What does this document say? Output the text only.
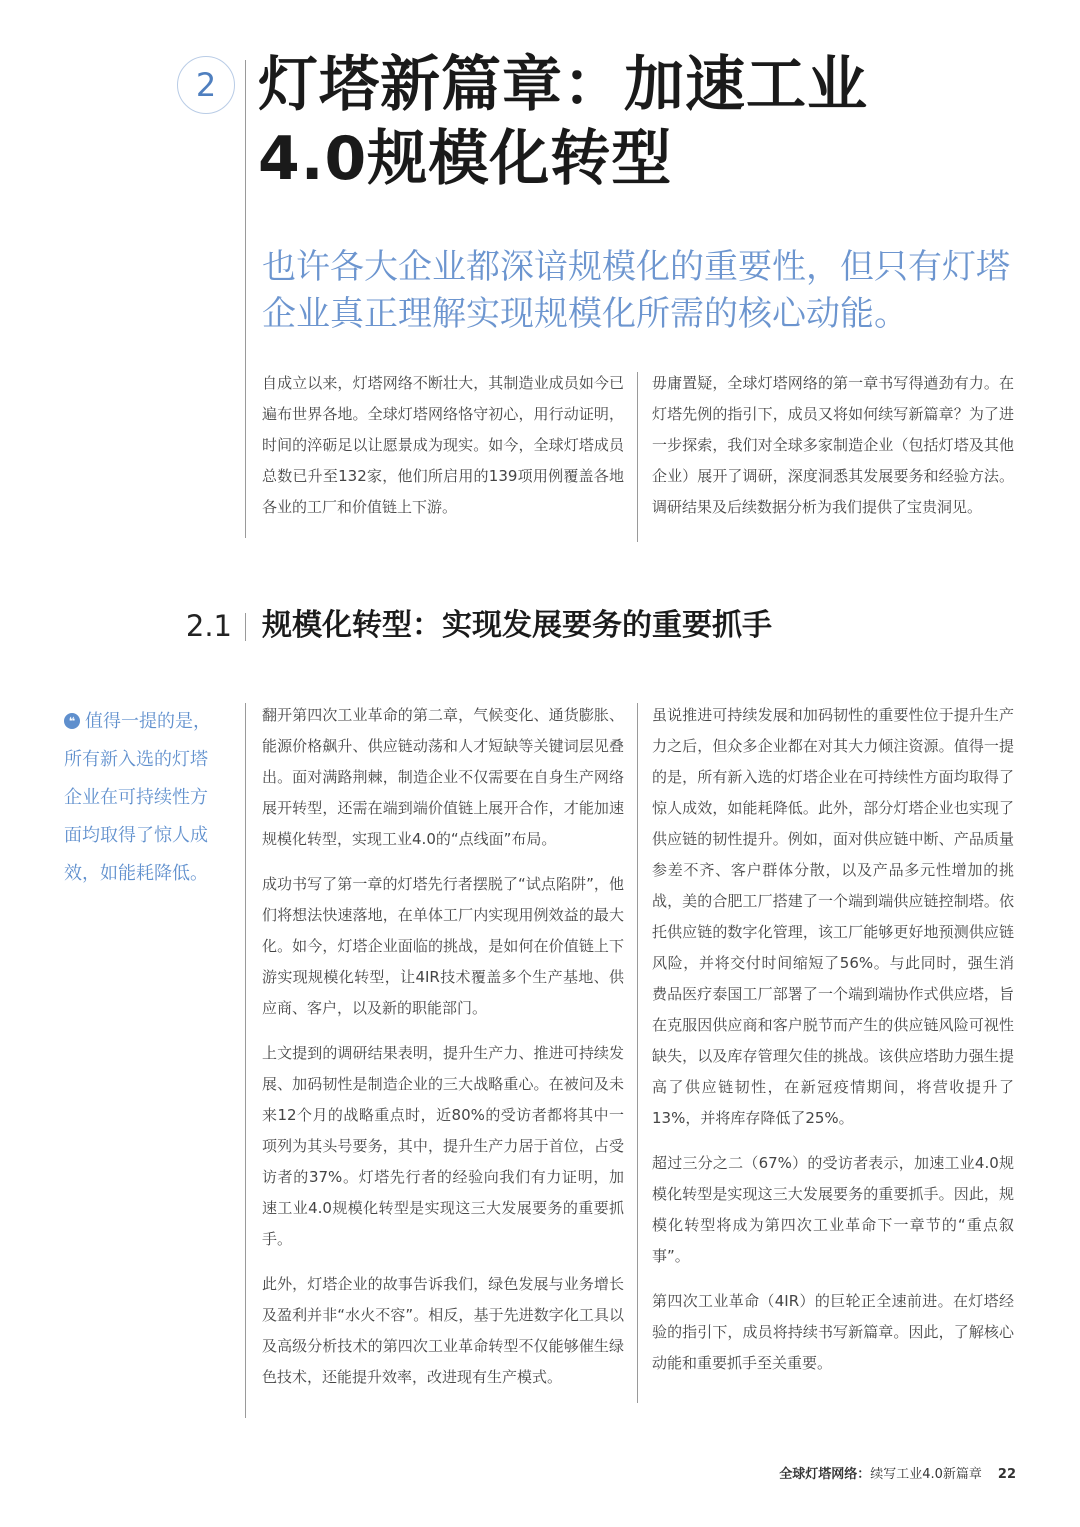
2 灯塔新篇章：加速工业
4.0规模化转型
也许各大企业都深谙规模化的重要性，但只有灯塔企业真正理解实现规模化所需的核心动能。

自成立以来，灯塔网络不断壮大，其制造业成员如今已遍布世界各地。全球灯塔网络恪守初心，用行动证明，时间的淬砺足以让愿景成为现实。如今，全球灯塔成员总数已升至132家，他们所启用的139项用例覆盖各地各业的工厂和价值链上下游。

毋庸置疑，全球灯塔网络的第一章书写得遒劲有力。在灯塔先例的指引下，成员又将如何续写新篇章？为了进一步探索，我们对全球多家制造企业（包括灯塔及其他企业）展开了调研，深度洞悉其发展要务和经验方法。调研结果及后续数据分析为我们提供了宝贵洞见。

2.1 规模化转型：实现发展要务的重要抓手
❝ 值得一提的是，所有新入选的灯塔企业在可持续性方面均取得了惊人成效，如能耗降低。

翻开第四次工业革命的第二章，气候变化、通货膨胀、能源价格飙升、供应链动荡和人才短缺等关键词层见叠出。面对满路荆棘，制造企业不仅需要在自身生产网络展开转型，还需在端到端价值链上展开合作，才能加速规模化转型，实现工业4.0的“点线面”布局。

成功书写了第一章的灯塔先行者摆脱了“试点陷阱”，他们将想法快速落地，在单体工厂内实现用例效益的最大化。如今，灯塔企业面临的挑战，是如何在价值链上下游实现规模化转型，让4IR技术覆盖多个生产基地、供应商、客户，以及新的职能部门。

上文提到的调研结果表明，提升生产力、推进可持续发展、加码韧性是制造企业的三大战略重心。在被问及未来12个月的战略重点时，近80%的受访者都将其中一项列为其头号要务，其中，提升生产力居于首位，占受访者的37%。灯塔先行者的经验向我们有力证明，加速工业4.0规模化转型是实现这三大发展要务的重要抓手。

此外，灯塔企业的故事告诉我们，绿色发展与业务增长及盈利并非“水火不容”。相反，基于先进数字化工具以及高级分析技术的第四次工业革命转型不仅能够催生绿色技术，还能提升效率，改进现有生产模式。

虽说推进可持续发展和加码韧性的重要性位于提升生产力之后，但众多企业都在对其大力倾注资源。值得一提的是，所有新入选的灯塔企业在可持续性方面均取得了惊人成效，如能耗降低。此外，部分灯塔企业也实现了供应链的韧性提升。例如，面对供应链中断、产品质量参差不齐、客户群体分散，以及产品多元性增加的挑战，美的合肥工厂搭建了一个端到端供应链控制塔。依托供应链的数字化管理，该工厂能够更好地预测供应链风险，并将交付时间缩短了56%。与此同时，强生消费品医疗泰国工厂部署了一个端到端协作式供应塔，旨在克服因供应商和客户脱节而产生的供应链风险可视性缺失，以及库存管理欠佳的挑战。该供应塔助力强生提高了供应链韧性，在新冠疫情期间，将营收提升了13%，并将库存降低了25%。

超过三分之二（67%）的受访者表示，加速工业4.0规模化转型是实现这三大发展要务的重要抓手。因此，规模化转型将成为第四次工业革命下一章节的“重点叙事”。

第四次工业革命（4IR）的巨轮正全速前进。在灯塔经验的指引下，成员将持续书写新篇章。因此，了解核心动能和重要抓手至关重要。

全球灯塔网络：续写工业4.0新篇章 22
